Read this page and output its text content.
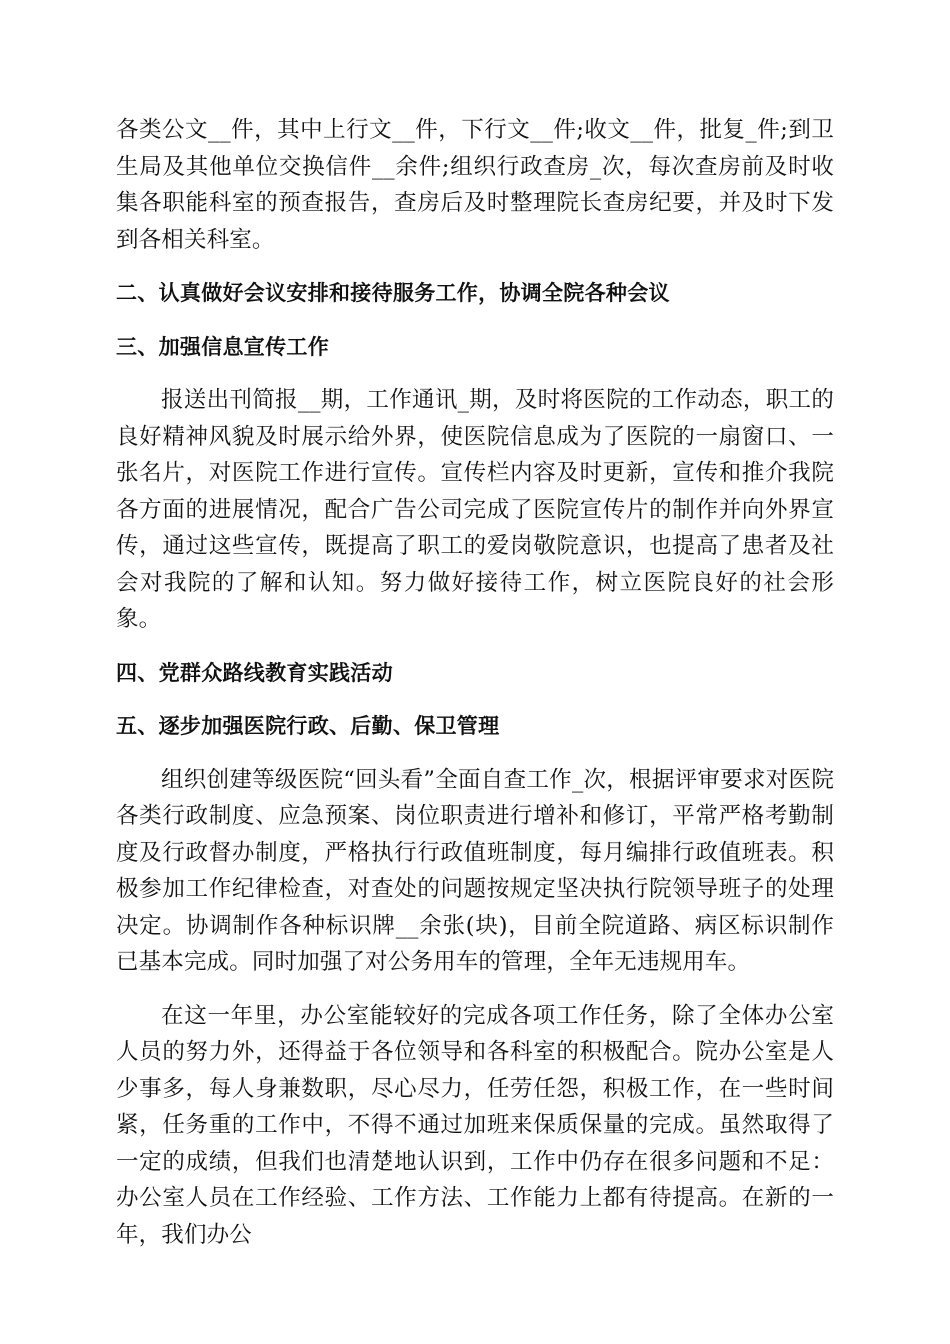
各类公文__件，其中上行文__件，下行文__件;收文__件，批复_件;到卫生局及其他单位交换信件__余件;组织行政查房_次，每次查房前及时收集各职能科室的预查报告，查房后及时整理院长查房纪要，并及时下发到各相关科室。

二、认真做好会议安排和接待服务工作，协调全院各种会议
三、加强信息宣传工作

报送出刊简报__期，工作通讯_期，及时将医院的工作动态，职工的良好精神风貌及时展示给外界，使医院信息成为了医院的一扇窗口、一张名片，对医院工作进行宣传。宣传栏内容及时更新，宣传和推介我院各方面的进展情况，配合广告公司完成了医院宣传片的制作并向外界宣传，通过这些宣传，既提高了职工的爱岗敬院意识，也提高了患者及社会对我院的了解和认知。努力做好接待工作，树立医院良好的社会形象。

四、党群众路线教育实践活动
五、逐步加强医院行政、后勤、保卫管理

组织创建等级医院“回头看”全面自查工作_次，根据评审要求对医院各类行政制度、应急预案、岗位职责进行增补和修订，平常严格考勤制度及行政督办制度，严格执行行政值班制度，每月编排行政值班表。积极参加工作纪律检查，对查处的问题按规定坚决执行院领导班子的处理决定。协调制作各种标识牌__余张(块)，目前全院道路、病区标识制作已基本完成。同时加强了对公务用车的管理，全年无违规用车。

在这一年里，办公室能较好的完成各项工作任务，除了全体办公室人员的努力外，还得益于各位领导和各科室的积极配合。院办公室是人少事多，每人身兼数职，尽心尽力，任劳任怨，积极工作，在一些时间紧，任务重的工作中，不得不通过加班来保质保量的完成。虽然取得了一定的成绩，但我们也清楚地认识到，工作中仍存在很多问题和不足：办公室人员在工作经验、工作方法、工作能力上都有待提高。在新的一年，我们办公
